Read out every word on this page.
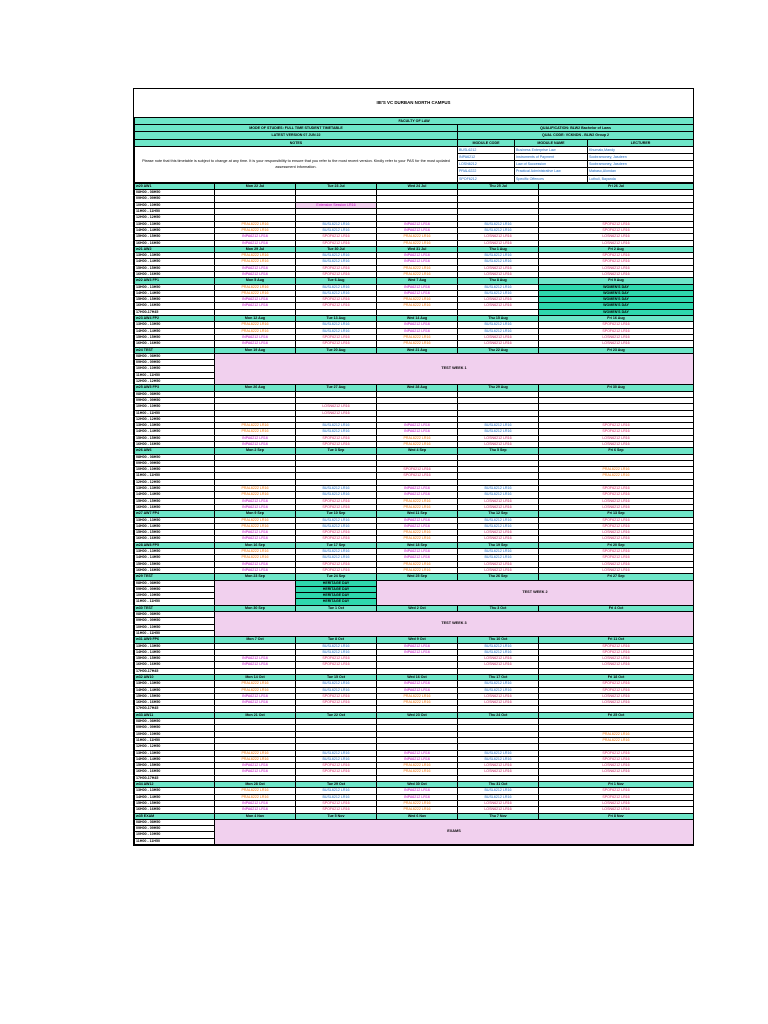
IIE'S VC DURBAN NORTH CAMPUS
FACULTY OF LAW			
MODE OF STUDIES: FULL TIME STUDENT TIMETABLE	QUALIFICATION: BLW2 Bachelor of Laws		
LATEST VERSION 07 JUN 22	QUAL CODE: VCKNDN - BLW2 Group 2		
NOTES	MODULE CODE	MODULE NAME	LECTURER
Please note that this timetable is subject to change at any time. It is your responsibility to ensure that you refer to the most recent version. Kindly refer to your PAS for the most updated assessment information.	BUSL6212	Business Enterprise Law	Khumalo,Mandy
	INPA6212	Instruments of Payment	Soobramoney, Jasdeen
	LOSN6212	Law of Succession	Soobramoney, Jasdeen
	PRAL6222	Practical Administrative Law	Mabaso,Alondan
	SPOF6212	Specific Offences	Luthuli, Bayanda
w20 AW1	Mon 22 Jul	Tue 23 Jul	Wed 24 Jul	Thu 25 Jul	Fri 26 Jul
08H00 - 08H50					
09H00 - 09H50					
10H00 - 10H50		Extension Session LR16			
11H00 - 11H50					
12H00 - 12H50					
13H00 - 13H50	PRAL6222 LR16	BUSL6212 LR16	INPA6212 LR16	BUSL6212 LR16	SPOF6212 LR16
14H00 - 14H50	PRAL6222 LR16	BUSL6212 LR16	INPA6212 LR16	BUSL6212 LR16	SPOF6212 LR16
15H00 - 15H50	INPA6212 LR16	SPOF6212 LR16	PRAL6222 LR16	LOSN6212 LR16	LOSN6212 LR16
16H00 - 16H50	INPA6212 LR16	SPOF6212 LR16	PRAL6222 LR16	LOSN6212 LR16	LOSN6212 LR16
w21 AW2	Mon 29 Jul	Tue 30 Jul	Wed 31 Jul	Thu 1 Aug	Fri 2 Aug
13H00 - 13H50	PRAL6222 LR16	BUSL6212 LR16	INPA6212 LR16	BUSL6212 LR16	SPOF6212 LR16
14H00 - 14H50	PRAL6222 LR16	BUSL6212 LR16	INPA6212 LR16	BUSL6212 LR16	SPOF6212 LR16
15H00 - 15H50	INPA6212 LR16	SPOF6212 LR16	PRAL6222 LR16	LOSN6212 LR16	LOSN6212 LR16
16H00 - 16H50	INPA6212 LR16	SPOF6212 LR16	PRAL6222 LR16	LOSN6212 LR16	LOSN6212 LR16
w22 AW3 FP1	Mon 5 Aug	Tue 6 Aug	Wed 7 Aug	Thu 8 Aug	Fri 9 Aug
13H00 - 13H50	PRAL6222 LR16	BUSL6212 LR16	INPA6212 LR16	BUSL6212 LR16	WOMEN'S DAY
14H00 - 14H50	PRAL6222 LR16	BUSL6212 LR16	INPA6212 LR16	BUSL6212 LR16	WOMEN'S DAY
15H00 - 15H50	INPA6212 LR16	SPOF6212 LR16	PRAL6222 LR16	LOSN6212 LR16	WOMEN'S DAY
16H00 - 16H50	INPA6212 LR16	SPOF6212 LR16	PRAL6222 LR16	LOSN6212 LR16	WOMEN'S DAY
17H00-17H45					WOMEN'S DAY
w23 AW4 FP2	Mon 12 Aug	Tue 13 Aug	Wed 14 Aug	Thu 15 Aug	Fri 16 Aug
13H00 - 13H50	PRAL6222 LR16	BUSL6212 LR16	INPA6212 LR16	BUSL6212 LR16	SPOF6212 LR16
14H00 - 14H50	PRAL6222 LR16	BUSL6212 LR16	INPA6212 LR16	BUSL6212 LR16	SPOF6212 LR16
15H00 - 15H50	INPA6212 LR16	SPOF6212 LR16	PRAL6222 LR16	LOSN6212 LR16	LOSN6212 LR16
16H00 - 16H50	INPA6212 LR16	SPOF6212 LR16	PRAL6222 LR16	LOSN6212 LR16	LOSN6212 LR16
w24 TEST	Mon 19 Aug	Tue 20 Aug	Wed 21 Aug	Thu 22 Aug	Fri 23 Aug
08H00 - 08H50	TEST WEEK 1				
09H00 - 09H50					
10H00 - 10H50					
11H00 - 11H50					
12H00 - 12H50					
w25 AW5 FP3	Mon 26 Aug	Tue 27 Aug	Wed 28 Aug	Thu 29 Aug	Fri 30 Aug
08H00 - 08H50					
09H00 - 09H50					
10H00 - 10H50		LOSN6212 LR16			
11H00 - 11H50		LOSN6212 LR16			
12H00 - 12H50					
13H00 - 13H50	PRAL6222 LR16	BUSL6212 LR16	INPA6212 LR16	BUSL6212 LR16	SPOF6212 LR16
14H00 - 14H50	PRAL6222 LR16	BUSL6212 LR16	INPA6212 LR16	BUSL6212 LR16	SPOF6212 LR16
15H00 - 15H50	INPA6212 LR16	SPOF6212 LR16	PRAL6222 LR16	LOSN6212 LR16	LOSN6212 LR16
16H00 - 16H50	INPA6212 LR16	SPOF6212 LR16	PRAL6222 LR16	LOSN6212 LR16	LOSN6212 LR16
w26 AW6	Mon 2 Sep	Tue 3 Sep	Wed 4 Sep	Thu 5 Sep	Fri 6 Sep
08H00 - 08H50					
09H00 - 09H50					
10H00 - 10H50			SPOF6212 LR16		PRAL6222 LR16
11H00 - 11H50			SPOF6212 LR16		PRAL6222 LR16
12H00 - 12H50					
13H00 - 13H50	PRAL6222 LR16	BUSL6212 LR16	INPA6212 LR16	BUSL6212 LR16	SPOF6212 LR16
14H00 - 14H50	PRAL6222 LR16	BUSL6212 LR16	INPA6212 LR16	BUSL6212 LR16	SPOF6212 LR16
15H00 - 15H50	INPA6212 LR16	SPOF6212 LR16	PRAL6222 LR16	LOSN6212 LR16	LOSN6212 LR16
16H00 - 16H50	INPA6212 LR16	SPOF6212 LR16	PRAL6222 LR16	LOSN6212 LR16	LOSN6212 LR16
w27 AW7 FP4	Mon 9 Sep	Tue 10 Sep	Wed 11 Sep	Thu 12 Sep	Fri 13 Sep
13H00 - 13H50	PRAL6222 LR16	BUSL6212 LR16	INPA6212 LR16	BUSL6212 LR16	SPOF6212 LR16
14H00 - 14H50	PRAL6222 LR16	BUSL6212 LR16	INPA6212 LR16	BUSL6212 LR16	SPOF6212 LR16
15H00 - 15H50	INPA6212 LR16	SPOF6212 LR16	PRAL6222 LR16	LOSN6212 LR16	LOSN6212 LR16
16H00 - 16H50	INPA6212 LR16	SPOF6212 LR16	PRAL6222 LR16	LOSN6212 LR16	LOSN6212 LR16
w28 AW8 FP5	Mon 16 Sep	Tue 17 Sep	Wed 18 Sep	Thu 19 Sep	Fri 20 Sep
13H00 - 13H50	PRAL6222 LR16	BUSL6212 LR16	INPA6212 LR16	BUSL6212 LR16	SPOF6212 LR16
14H00 - 14H50	PRAL6222 LR16	BUSL6212 LR16	INPA6212 LR16	BUSL6212 LR16	SPOF6212 LR16
15H00 - 15H50	INPA6212 LR16	SPOF6212 LR16	PRAL6222 LR16	LOSN6212 LR16	LOSN6212 LR16
16H00 - 16H50	INPA6212 LR16	SPOF6212 LR16	PRAL6222 LR16	LOSN6212 LR16	LOSN6212 LR16
w29 TEST	Mon 23 Sep	Tue 24 Sep	Wed 25 Sep	Thu 26 Sep	Fri 27 Sep
08H00 - 08H50		HERITAGE DAY	TEST WEEK 2		
09H00 - 09H50		HERITAGE DAY			
10H00 - 10H50		HERITAGE DAY			
11H00 - 11H50		HERITAGE DAY			
w30 TEST	Mon 30 Sep	Tue 1 Oct	Wed 2 Oct	Thu 3 Oct	Fri 4 Oct
08H00 - 08H50	TEST WEEK 3				
09H00 - 09H50					
10H00 - 10H50					
11H00 - 11H50					
w31 AW9 FP6	Mon 7 Oct	Tue 8 Oct	Wed 9 Oct	Thu 10 Oct	Fri 11 Oct
13H00 - 13H50		BUSL6212 LR16	INPA6212 LR16	BUSL6212 LR16	SPOF6212 LR16
14H00 - 14H50		BUSL6212 LR16	INPA6212 LR16	BUSL6212 LR16	SPOF6212 LR16
15H00 - 15H50	INPA6212 LR16	SPOF6212 LR16		LOSN6212 LR16	LOSN6212 LR16
16H00 - 16H50	INPA6212 LR16	SPOF6212 LR16		LOSN6212 LR16	LOSN6212 LR16
17H00-17H45					
w32 AW10	Mon 14 Oct	Tue 15 Oct	Wed 16 Oct	Thu 17 Oct	Fri 18 Oct
13H00 - 13H50	PRAL6222 LR16	BUSL6212 LR16	INPA6212 LR16	BUSL6212 LR16	SPOF6212 LR16
14H00 - 14H50	PRAL6222 LR16	BUSL6212 LR16	INPA6212 LR16	BUSL6212 LR16	SPOF6212 LR16
15H00 - 15H50	INPA6212 LR16	SPOF6212 LR16	PRAL6222 LR16	LOSN6212 LR16	LOSN6212 LR16
16H00 - 16H50	INPA6212 LR16	SPOF6212 LR16	PRAL6222 LR16	LOSN6212 LR16	LOSN6212 LR16
17H00-17H45					
w33 AW11	Mon 21 Oct	Tue 22 Oct	Wed 23 Oct	Thu 24 Oct	Fri 25 Oct
08H00 - 08H50					
09H00 - 09H50					
10H00 - 10H50					PRAL6222 LR16
11H00 - 11H50					PRAL6222 LR16
12H00 - 12H50					
13H00 - 13H50	PRAL6222 LR16	BUSL6212 LR16	INPA6212 LR16	BUSL6212 LR16	SPOF6212 LR16
14H00 - 14H50	PRAL6222 LR16	BUSL6212 LR16	INPA6212 LR16	BUSL6212 LR16	SPOF6212 LR16
15H00 - 15H50	INPA6212 LR16	SPOF6212 LR16	PRAL6222 LR16	LOSN6212 LR16	LOSN6212 LR16
16H00 - 16H50	INPA6212 LR16	SPOF6212 LR16	PRAL6222 LR16	LOSN6212 LR16	LOSN6212 LR16
17H00-17H45					
w34 AW12	Mon 28 Oct	Tue 29 Oct	Wed 30 Oct	Thu 31 Oct	Fri 1 Nov
13H00 - 13H50	PRAL6222 LR16	BUSL6212 LR16	INPA6212 LR16	BUSL6212 LR16	SPOF6212 LR16
14H00 - 14H50	PRAL6222 LR16	BUSL6212 LR16	INPA6212 LR16	BUSL6212 LR16	SPOF6212 LR16
15H00 - 15H50	INPA6212 LR16	SPOF6212 LR16	PRAL6222 LR16	LOSN6212 LR16	LOSN6212 LR16
16H00 - 16H50	INPA6212 LR16	SPOF6212 LR16	PRAL6222 LR16	LOSN6212 LR16	LOSN6212 LR16
w35 EXAM	Mon 4 Nov	Tue 5 Nov	Wed 6 Nov	Thu 7 Nov	Fri 8 Nov
08H00 - 08H50	EXAMS				
09H00 - 09H50					
10H00 - 10H50					
11H00 - 11H50					
